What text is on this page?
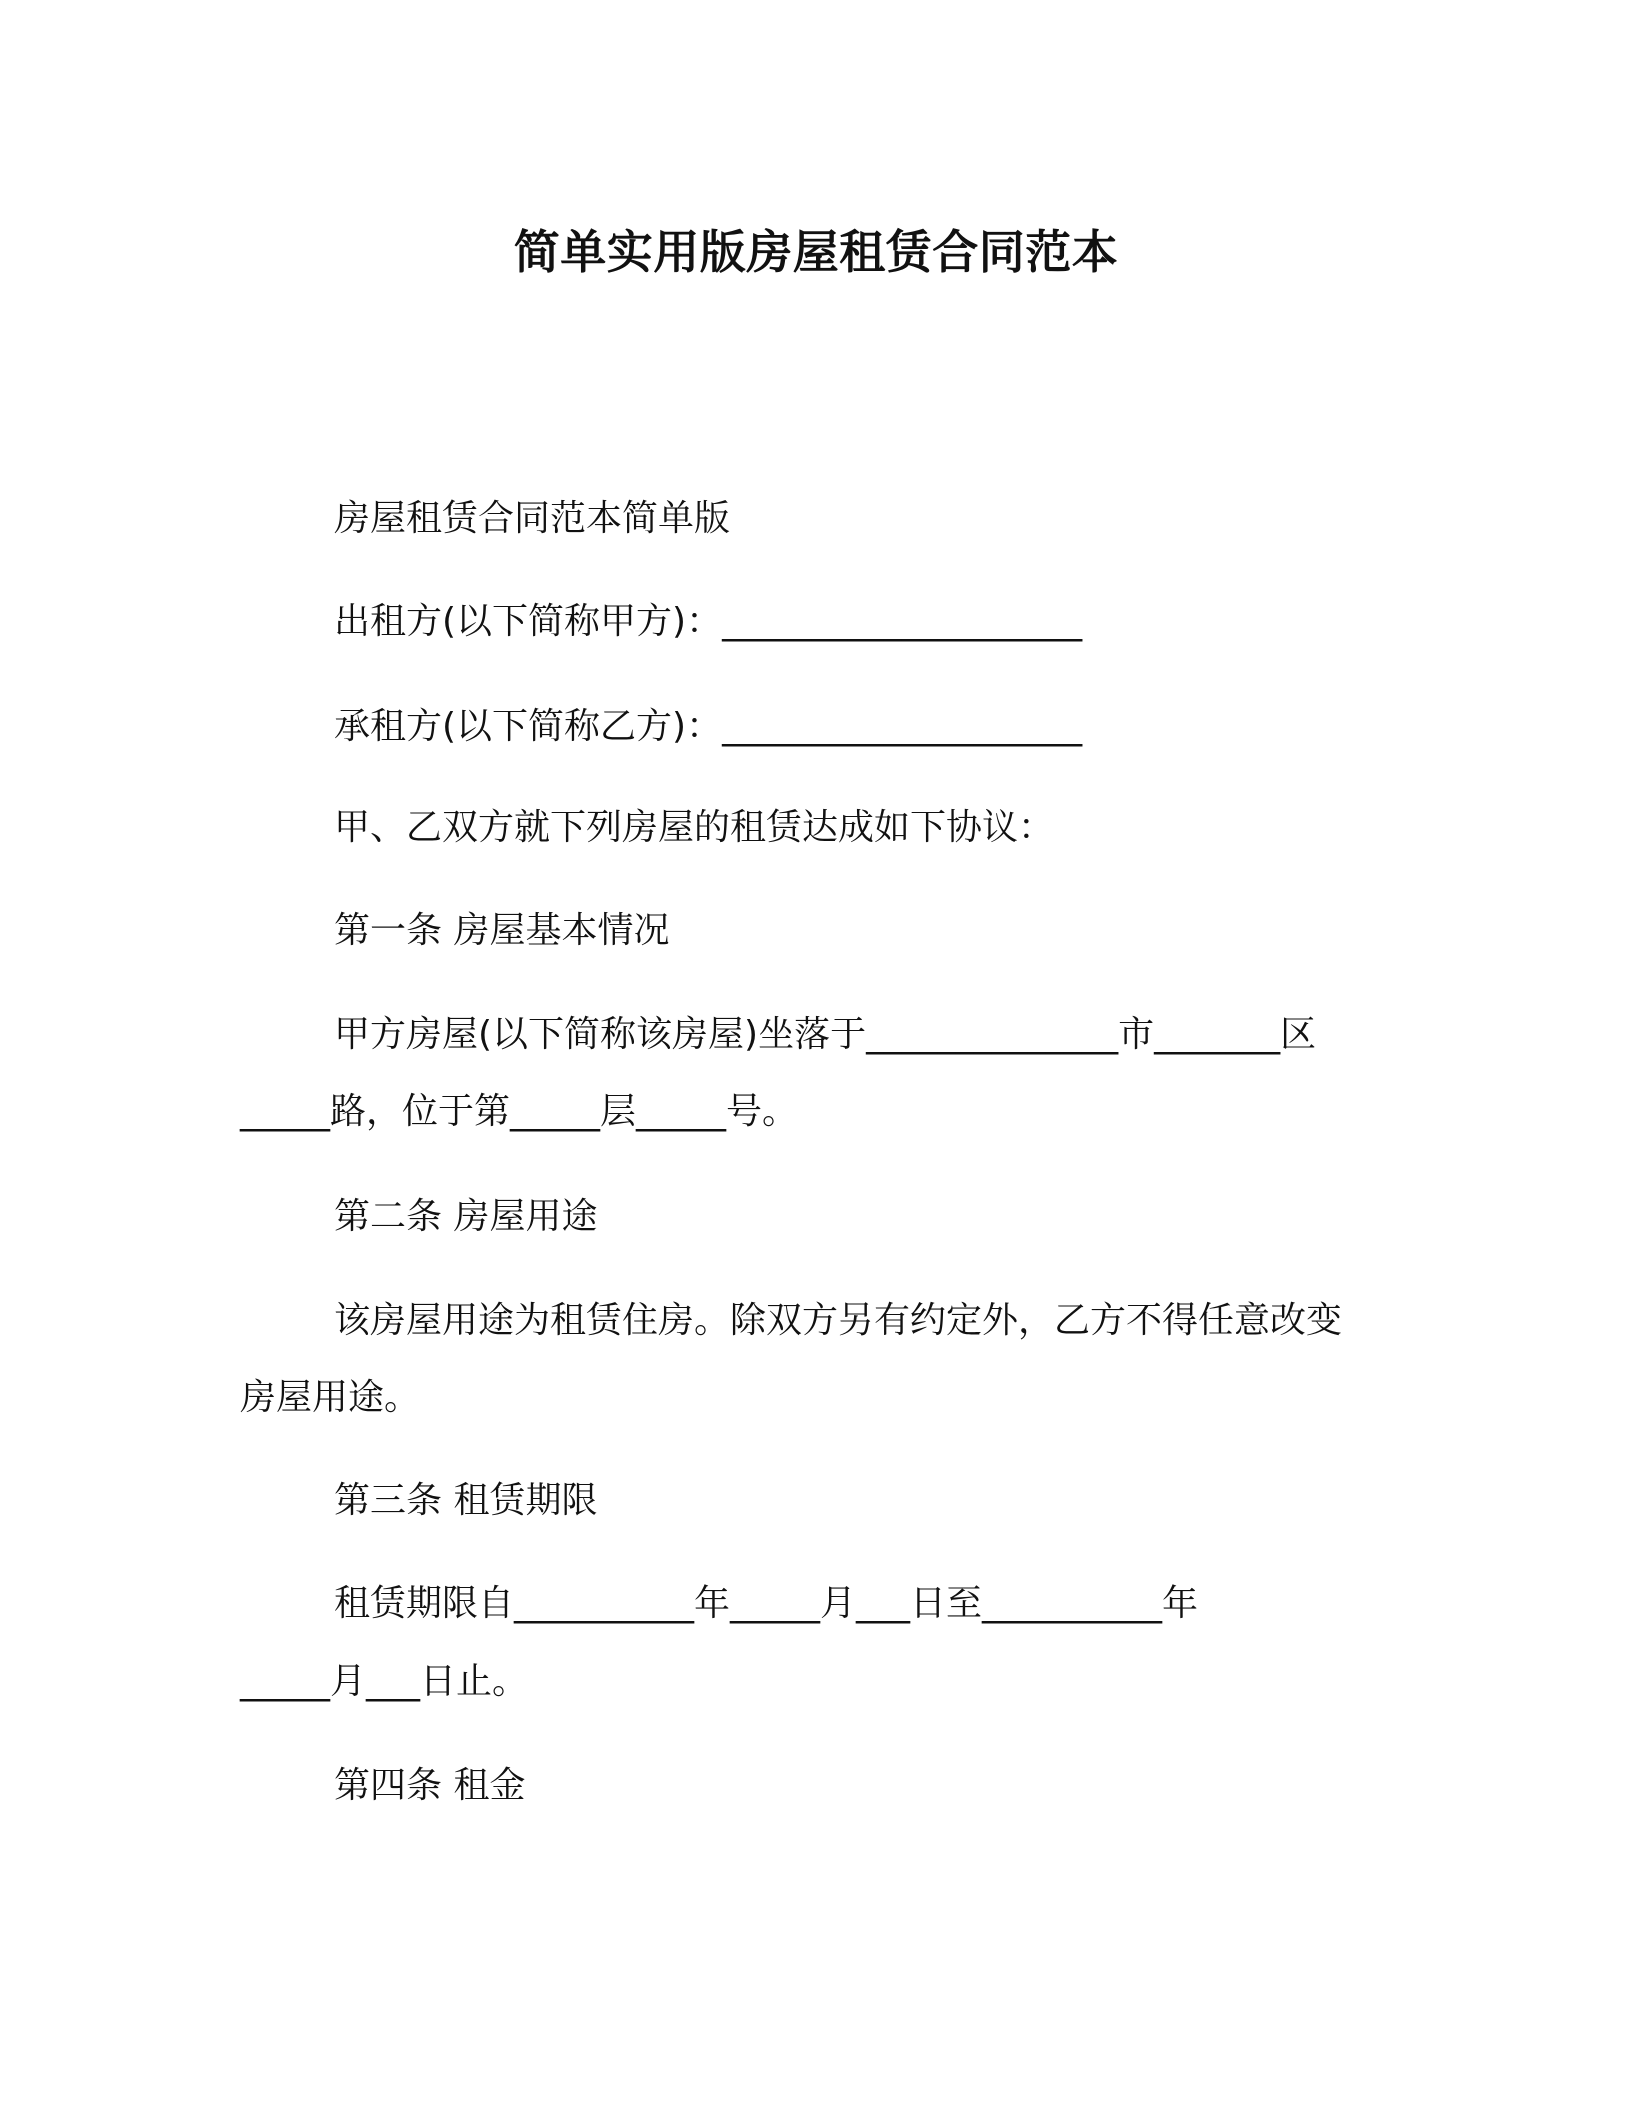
简单实用版房屋租赁合同范本
房屋租赁合同范本简单版
出租方(以下简称甲方)：____________________
承租方(以下简称乙方)：____________________
甲、乙双方就下列房屋的租赁达成如下协议：
第一条 房屋基本情况
甲方房屋(以下简称该房屋)坐落于______________市_______区
_____路，位于第_____层_____号。
第二条 房屋用途
该房屋用途为租赁住房。除双方另有约定外，乙方不得任意改变
房屋用途。
第三条 租赁期限
租赁期限自__________年_____月___日至__________年
_____月___日止。
第四条 租金
